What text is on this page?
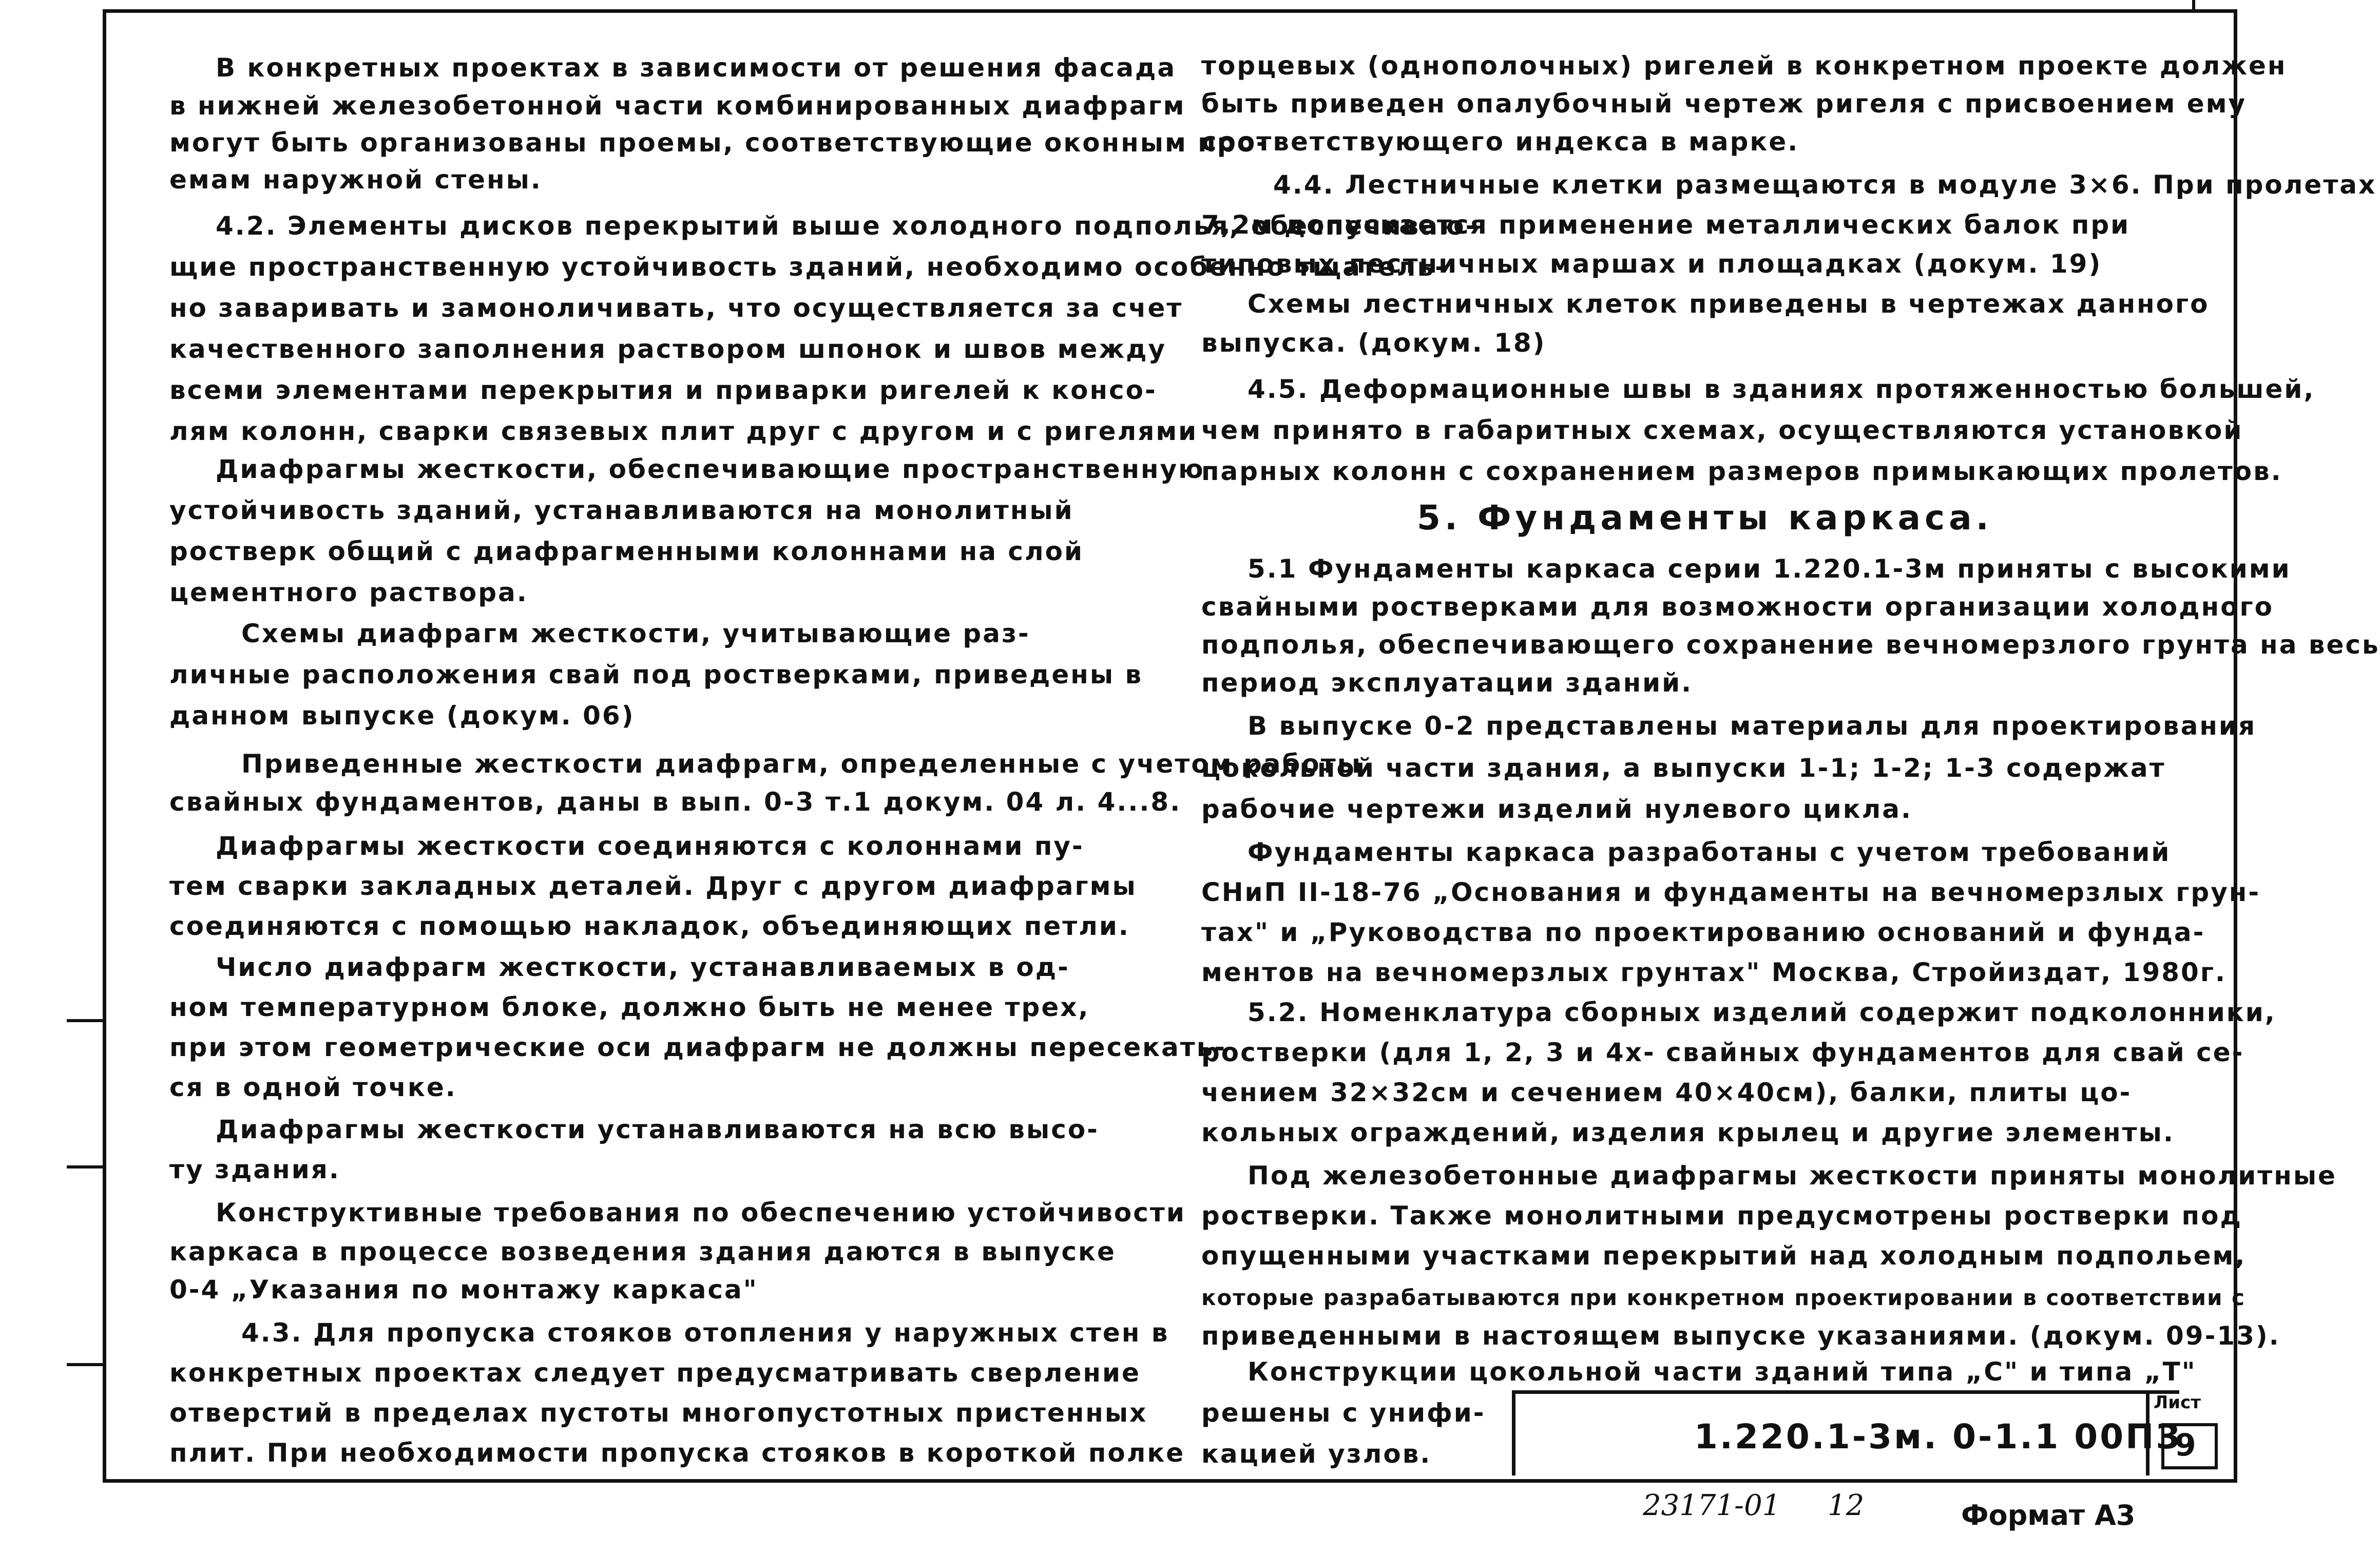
В конкретных проектах в зависимости от решения фасада
в нижней железобетонной части комбинированных диафрагм
могут быть организованы проемы, соответствующие оконным про-
емам наружной стены.
4.2. Элементы дисков перекрытий выше холодного подполья, обеспечиваю-
щие пространственную устойчивость зданий, необходимо особенно тщатель-
но заваривать и замоноличивать, что осуществляется за счет
качественного заполнения раствором шпонок и швов между
всеми элементами перекрытия и приварки ригелей к консо-
лям колонн, сварки связевых плит друг с другом и с ригелями
Диафрагмы жесткости, обеспечивающие пространственную
устойчивость зданий, устанавливаются на монолитный
ростверк общий с диафрагменными колоннами на слой
цементного раствора.
Схемы диафрагм жесткости, учитывающие раз-
личные расположения свай под ростверками, приведены в
данном выпуске (докум. 06)
Приведенные жесткости диафрагм, определенные с учетом работы
свайных фундаментов, даны в вып. 0-3 т.1 докум. 04 л. 4...8.
Диафрагмы жесткости соединяются с колоннами пу-
тем сварки закладных деталей. Друг с другом диафрагмы
соединяются с помощью накладок, объединяющих петли.
Число диафрагм жесткости, устанавливаемых в од-
ном температурном блоке, должно быть не менее трех,
при этом геометрические оси диафрагм не должны пересекать-
ся в одной точке.
Диафрагмы жесткости устанавливаются на всю высо-
ту здания.
Конструктивные требования по обеспечению устойчивости
каркаса в процессе возведения здания даются в выпуске
0-4 „Указания по монтажу каркаса"
4.3. Для пропуска стояков отопления у наружных стен в
конкретных проектах следует предусматривать сверление
отверстий в пределах пустоты многопустотных пристенных
плит. При необходимости пропуска стояков в короткой полке
торцевых (однополочных) ригелей в конкретном проекте должен
быть приведен опалубочный чертеж ригеля с присвоением ему
соответствующего индекса в марке.
4.4. Лестничные клетки размещаются в модуле 3×6. При пролетах
7,2м допускается применение металлических балок при
типовых лестничных маршах и площадках (докум. 19)
Схемы лестничных клеток приведены в чертежах данного
выпуска. (докум. 18)
4.5. Деформационные швы в зданиях протяженностью большей,
чем принято в габаритных схемах, осуществляются установкой
парных колонн с сохранением размеров примыкающих пролетов.
5. Фундаменты каркаса.
5.1 Фундаменты каркаса серии 1.220.1-3м приняты с высокими
свайными ростверками для возможности организации холодного
подполья, обеспечивающего сохранение вечномерзлого грунта на весь
период эксплуатации зданий.
В выпуске 0-2 представлены материалы для проектирования
цокольной части здания, а выпуски 1-1; 1-2; 1-3 содержат
рабочие чертежи изделий нулевого цикла.
Фундаменты каркаса разработаны с учетом требований
СНиП II-18-76 „Основания и фундаменты на вечномерзлых грун-
тах" и „Руководства по проектированию оснований и фунда-
ментов на вечномерзлых грунтах" Москва, Стройиздат, 1980г.
5.2. Номенклатура сборных изделий содержит подколонники,
ростверки (для 1, 2, 3 и 4х- свайных фундаментов для свай се-
чением 32×32см и сечением 40×40см), балки, плиты цо-
кольных ограждений, изделия крылец и другие элементы.
Под железобетонные диафрагмы жесткости приняты монолитные
ростверки. Также монолитными предусмотрены ростверки под
опущенными участками перекрытий над холодным подпольем,
которые разрабатываются при конкретном проектировании в соответствии с
приведенными в настоящем выпуске указаниями. (докум. 09-13).
Конструкции цокольной части зданий типа „С" и типа „Т"
решены с унифи-
кацией узлов.	1.220.1-3м. 0-1.1 00ПЗ
Лист
9
23171-01 12	Формат А3
